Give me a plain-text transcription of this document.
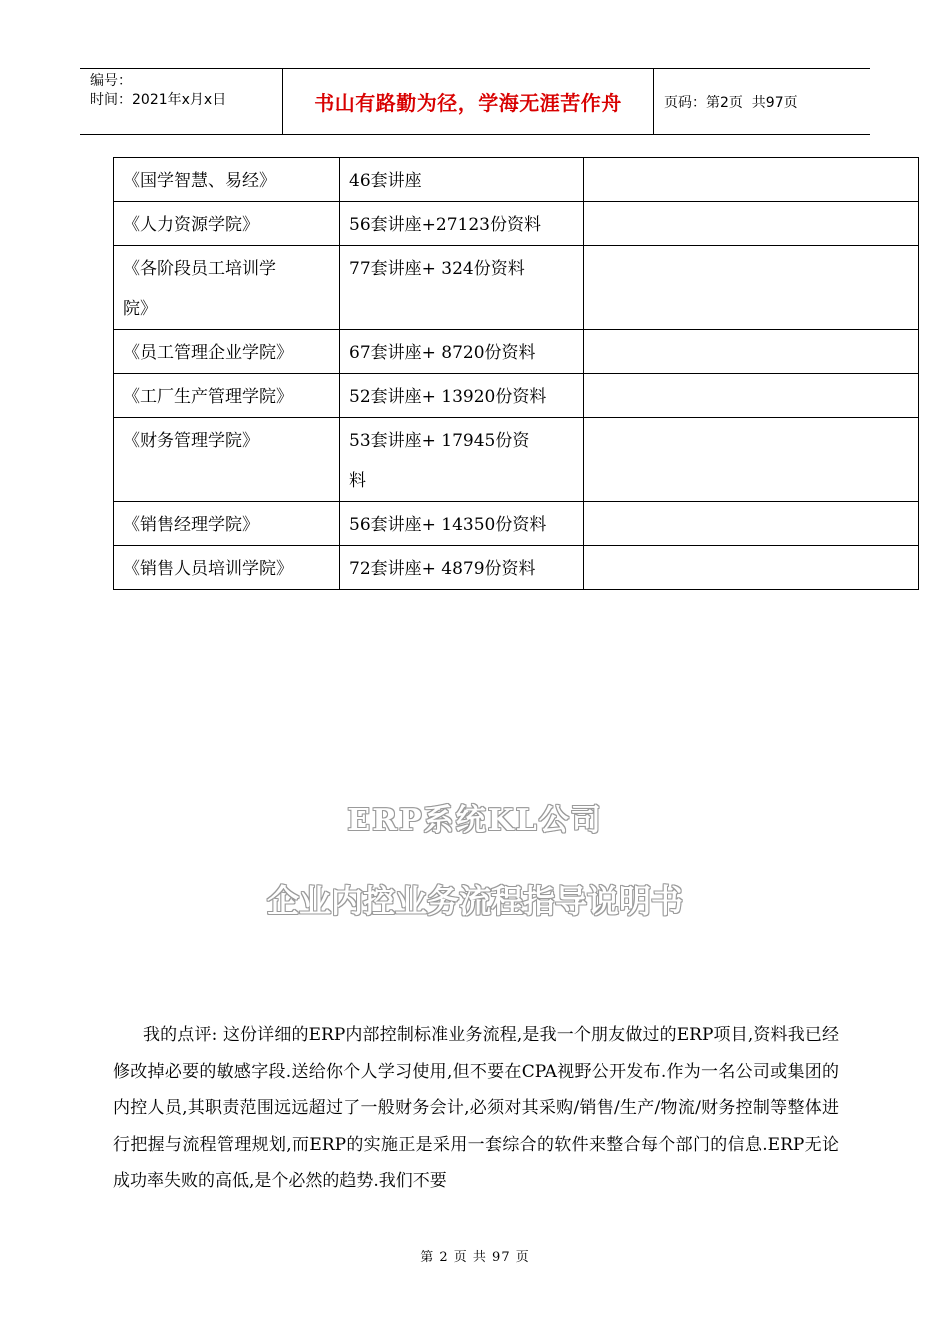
编号：
时间：2021年x月x日	书山有路勤为径，学海无涯苦作舟	页码：第2页  共97页
《国学智慧、易经》	46套讲座	
《人力资源学院》	56套讲座+27123份资料	
《各阶段员工培训学院》	77套讲座+ 324份资料	
《员工管理企业学院》	67套讲座+ 8720份资料	
《工厂生产管理学院》	52套讲座+ 13920份资料	
《财务管理学院》	53套讲座+ 17945份资料	
《销售经理学院》	56套讲座+ 14350份资料	
《销售人员培训学院》	72套讲座+ 4879份资料	
ERP系统KL公司
企业内控业务流程指导说明书

我的点评: 这份详细的ERP内部控制标准业务流程,是我一个朋友做过的ERP项目,资料我已经修改掉必要的敏感字段.送给你个人学习使用,但不要在CPA视野公开发布.作为一名公司或集团的内控人员,其职责范围远远超过了一般财务会计,必须对其采购/销售/生产/物流/财务控制等整体进行把握与流程管理规划,而ERP的实施正是采用一套综合的软件来整合每个部门的信息.ERP无论成功率失败的高低,是个必然的趋势.我们不要

第 2 页 共 97 页
